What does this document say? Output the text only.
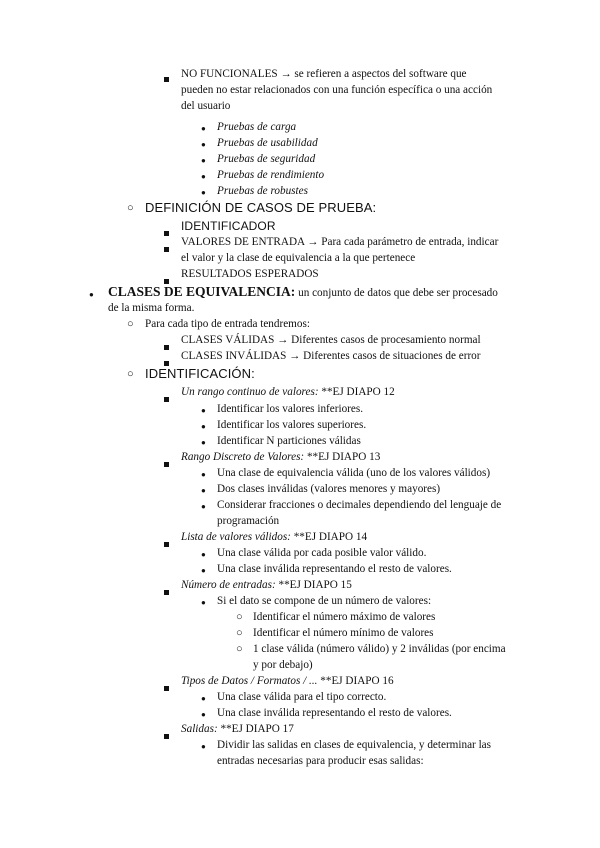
NO FUNCIONALES → se refieren a aspectos del software que
pueden no estar relacionados con una función específica o una acción
del usuario
●
Pruebas de carga
●
Pruebas de usabilidad
●
Pruebas de seguridad
●
Pruebas de rendimiento
●
Pruebas de robustes
○
DEFINICIÓN DE CASOS DE PRUEBA:
IDENTIFICADOR
VALORES DE ENTRADA → Para cada parámetro de entrada, indicar
el valor y la clase de equivalencia a la que pertenece
RESULTADOS ESPERADOS
●
CLASES DE EQUIVALENCIA: un conjunto de datos que debe ser procesado
de la misma forma.
○
Para cada tipo de entrada tendremos:
CLASES VÁLIDAS → Diferentes casos de procesamiento normal
CLASES INVÁLIDAS → Diferentes casos de situaciones de error
○
IDENTIFICACIÓN:
Un rango continuo de valores: **EJ DIAPO 12
●
Identificar los valores inferiores.
●
Identificar los valores superiores.
●
Identificar N particiones válidas
Rango Discreto de Valores: **EJ DIAPO 13
●
Una clase de equivalencia válida (uno de los valores válidos)
●
Dos clases inválidas (valores menores y mayores)
●
Considerar fracciones o decimales dependiendo del lenguaje de
programación
Lista de valores válidos: **EJ DIAPO 14
●
Una clase válida por cada posible valor válido.
●
Una clase inválida representando el resto de valores.
Número de entradas: **EJ DIAPO 15
●
Si el dato se compone de un número de valores:
○
Identificar el número máximo de valores
○
Identificar el número mínimo de valores
○
1 clase válida (número válido) y 2 inválidas (por encima
y por debajo)
Tipos de Datos / Formatos / ... **EJ DIAPO 16
●
Una clase válida para el tipo correcto.
●
Una clase inválida representando el resto de valores.
Salidas: **EJ DIAPO 17
●
Dividir las salidas en clases de equivalencia, y determinar las
entradas necesarias para producir esas salidas:
